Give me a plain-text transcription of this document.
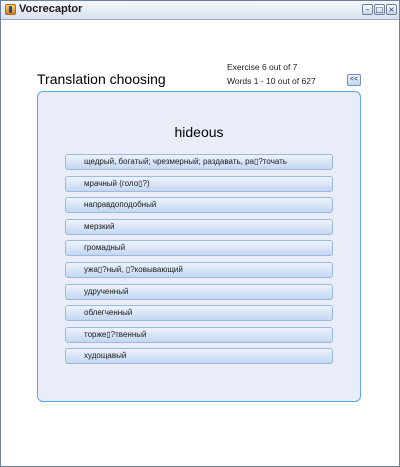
Vocrecaptor	– □ ×
Translation choosing
Exercise 6 out of 7
Words 1 - 10 out of 627	<<
hideous
щедрый, богатый; чрезмерный; раздавать, ра▯?точать
мрачный (голо▯?)
направдоподобный
мерзкий
громадный
ужа▯?ный, ▯?ковывающий
удрученный
облегченный
торже▯?твенный
худощавый
